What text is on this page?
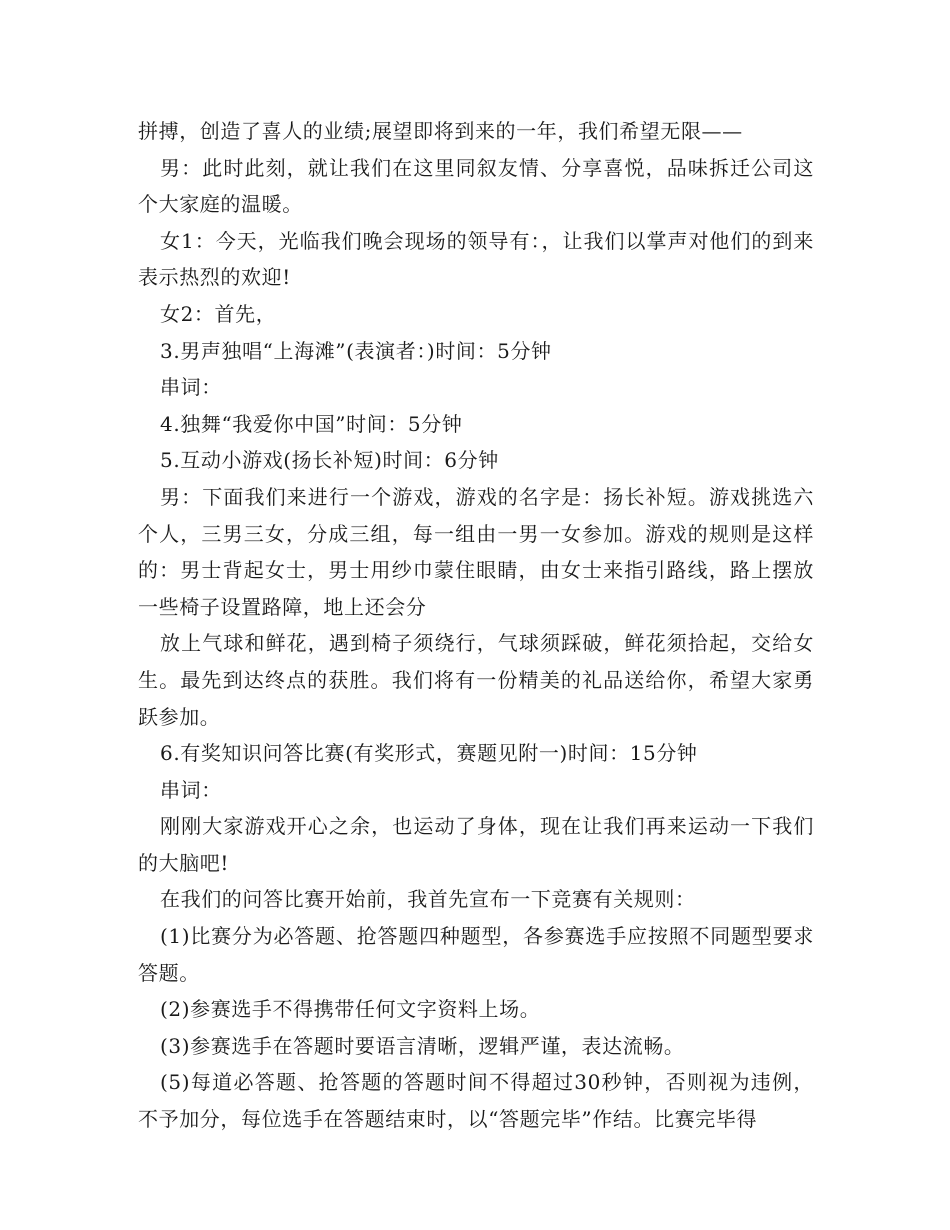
拼搏，创造了喜人的业绩;展望即将到来的一年，我们希望无限——

男：此时此刻，就让我们在这里同叙友情、分享喜悦，品味拆迁公司这个大家庭的温暖。

女1：今天，光临我们晚会现场的领导有：，让我们以掌声对他们的到来表示热烈的欢迎!

女2：首先，

3.男声独唱“上海滩”(表演者：)时间：5分钟

串词：

4.独舞“我爱你中国”时间：5分钟

5.互动小游戏(扬长补短)时间：6分钟

男：下面我们来进行一个游戏，游戏的名字是：扬长补短。游戏挑选六个人，三男三女，分成三组，每一组由一男一女参加。游戏的规则是这样的：男士背起女士，男士用纱巾蒙住眼睛，由女士来指引路线，路上摆放一些椅子设置路障，地上还会分

放上气球和鲜花，遇到椅子须绕行，气球须踩破，鲜花须拾起，交给女生。最先到达终点的获胜。我们将有一份精美的礼品送给你，希望大家勇跃参加。

6.有奖知识问答比赛(有奖形式，赛题见附一)时间：15分钟

串词：

刚刚大家游戏开心之余，也运动了身体，现在让我们再来运动一下我们的大脑吧!

在我们的问答比赛开始前，我首先宣布一下竞赛有关规则：

(1)比赛分为必答题、抢答题四种题型，各参赛选手应按照不同题型要求答题。

(2)参赛选手不得携带任何文字资料上场。

(3)参赛选手在答题时要语言清晰，逻辑严谨，表达流畅。

(5)每道必答题、抢答题的答题时间不得超过30秒钟，否则视为违例，不予加分，每位选手在答题结束时，以“答题完毕”作结。比赛完毕得
